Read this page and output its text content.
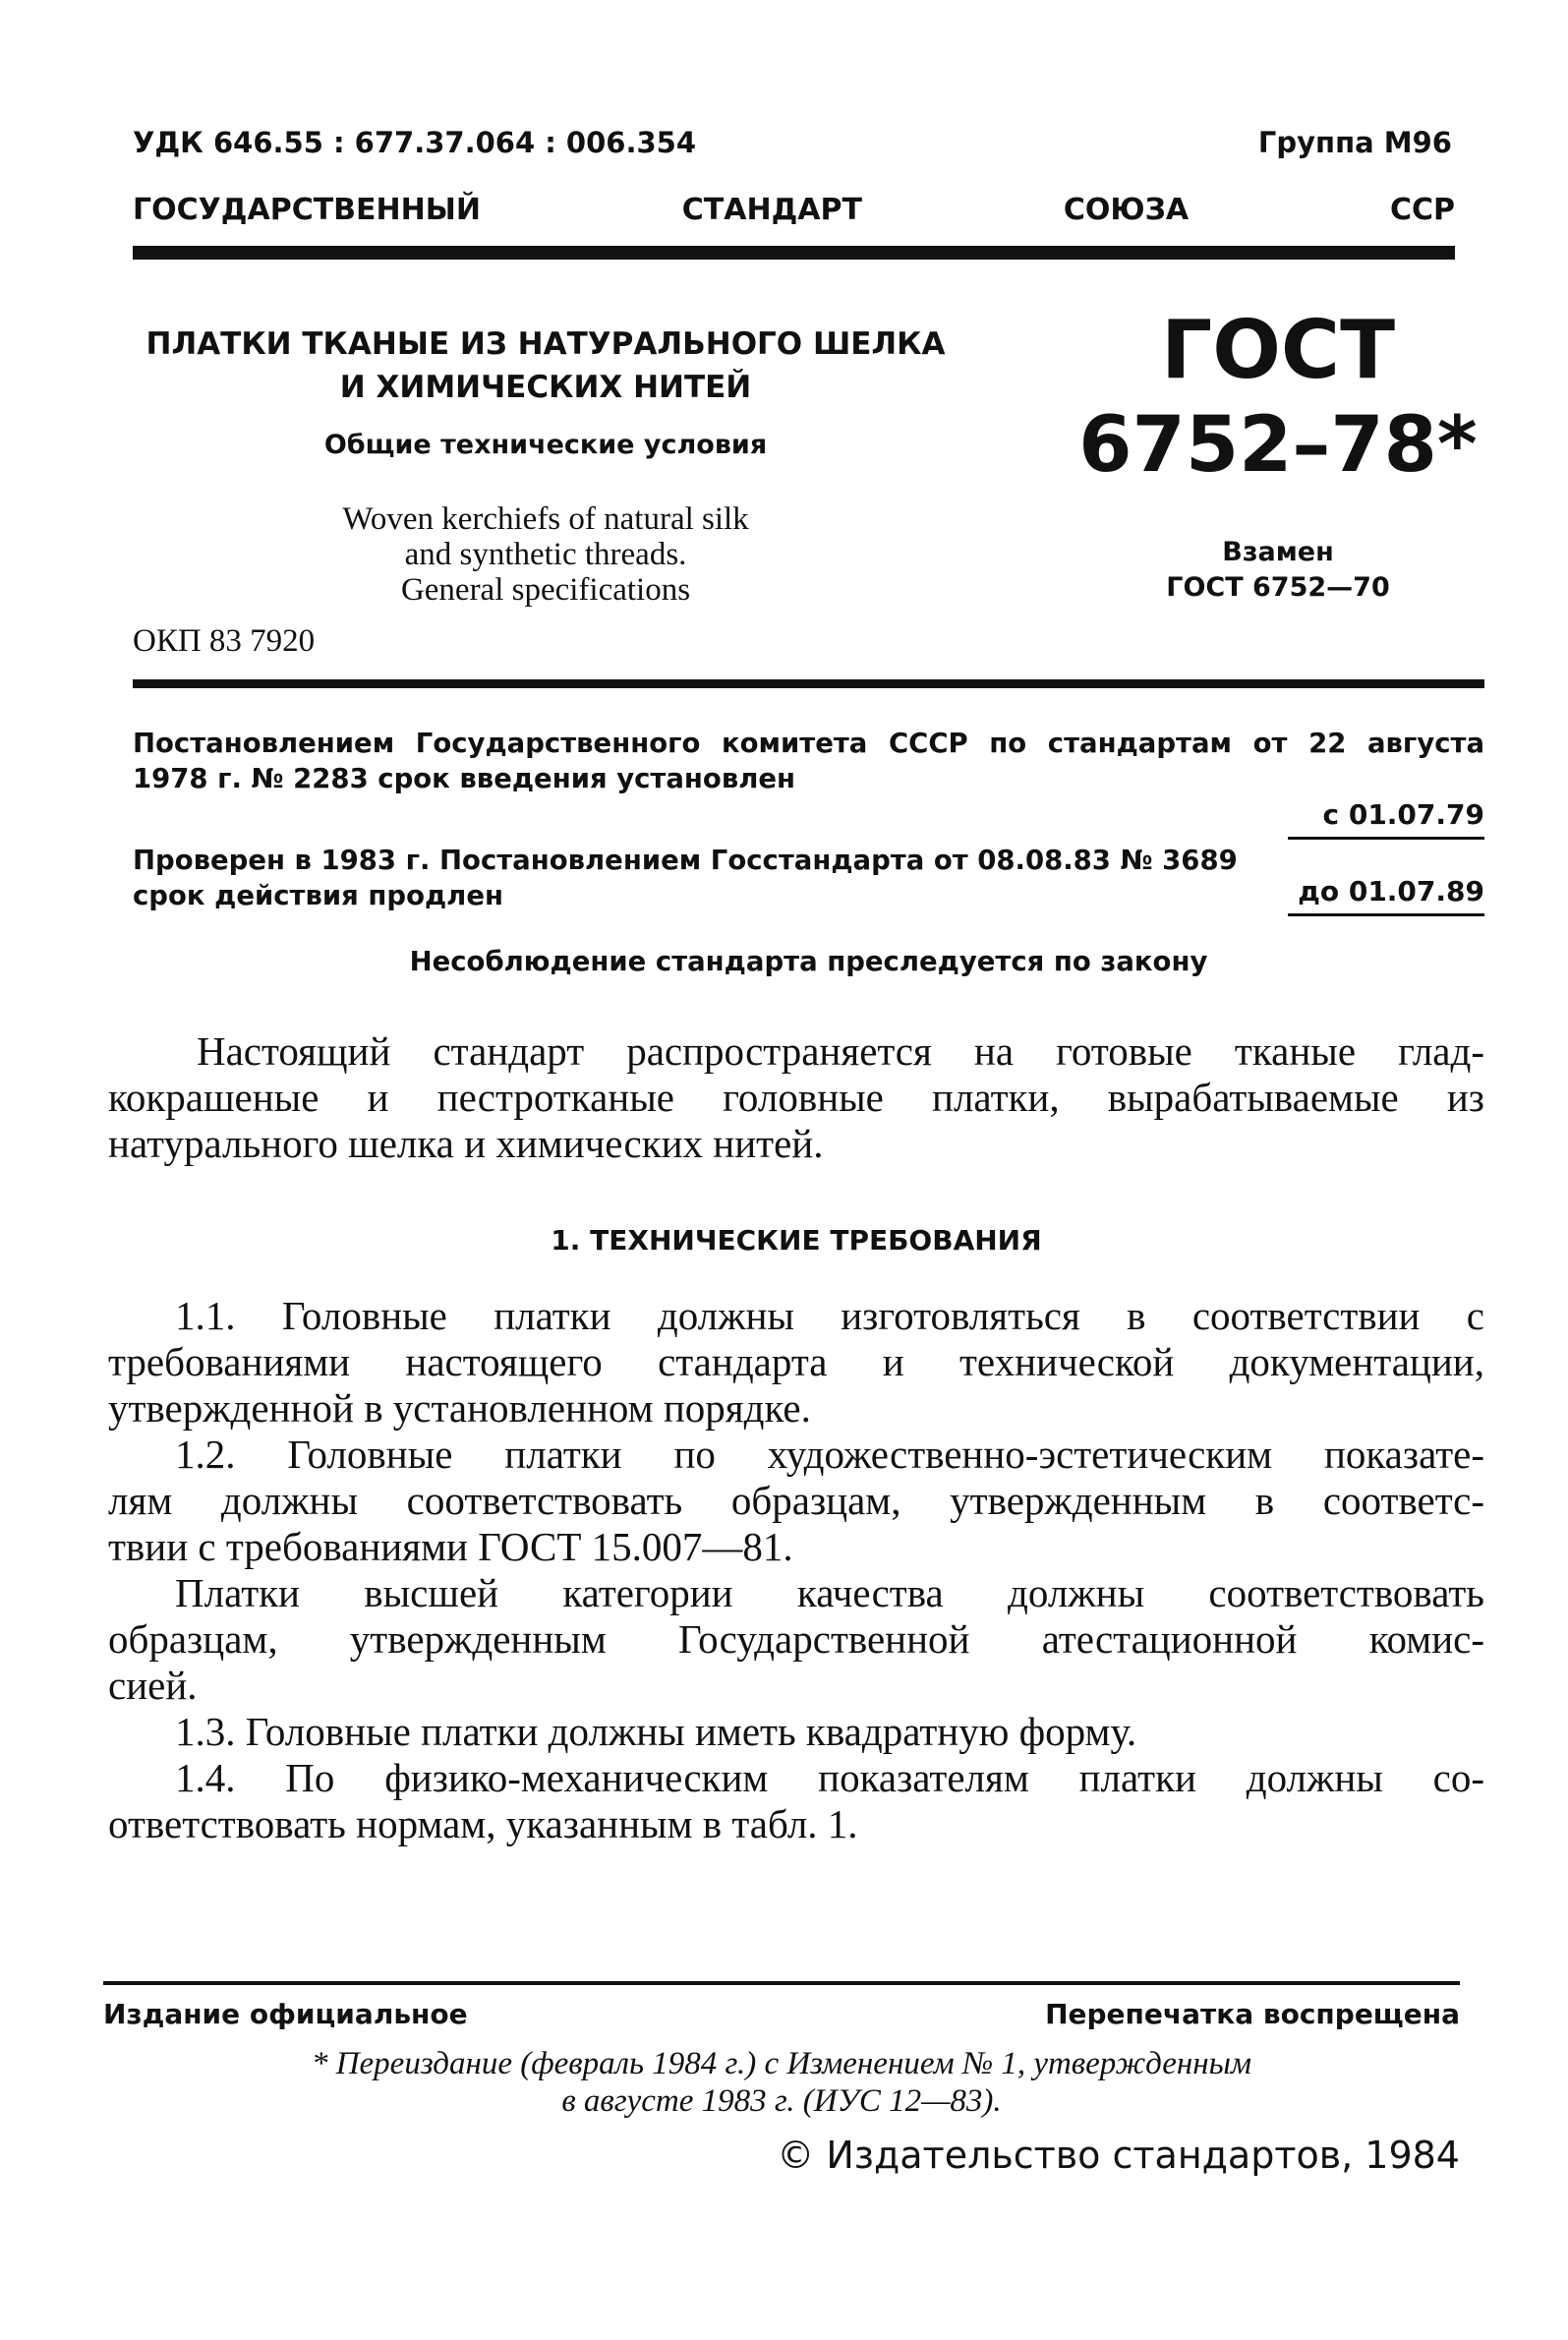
УДК 646.55 : 677.37.064 : 006.354	Группа М96
ГОСУДАРСТВЕННЫЙ	СТАНДАРТ	СОЮЗА	ССР
ПЛАТКИ ТКАНЫЕ ИЗ НАТУРАЛЬНОГО ШЕЛКА
И ХИМИЧЕСКИХ НИТЕЙ
Общие технические условия
Woven kerchiefs of natural silk
and synthetic threads.
General specifications
ГОСТ
6752–78*
Взамен
ГОСТ 6752—70
ОКП 83 7920
Постановлением Государственного комитета СССР по стандартам от 22 августа
1978 г. № 2283 срок введения установлен
с 01.07.79
Проверен в 1983 г. Постановлением Госстандарта от 08.08.83 № 3689
срок действия продлен	до 01.07.89
Несоблюдение стандарта преследуется по закону
Настоящий стандарт распространяется на готовые тканые глад-
кокрашеные и пестротканые головные платки, вырабатываемые из
натурального шелка и химических нитей.
1. ТЕХНИЧЕСКИЕ ТРЕБОВАНИЯ
1.1. Головные платки должны изготовляться в соответствии с
требованиями настоящего стандарта и технической документации,
утвержденной в установленном порядке.
1.2. Головные платки по художественно-эстетическим показате-
лям должны соответствовать образцам, утвержденным в соответс-
твии с требованиями ГОСТ 15.007—81.
Платки высшей категории качества должны соответствовать
образцам, утвержденным Государственной атестационной комис-
сией.
1.3. Головные платки должны иметь квадратную форму.
1.4. По физико-механическим показателям платки должны со-
ответствовать нормам, указанным в табл. 1.
Издание официальное	Перепечатка воспрещена
* Переиздание (февраль 1984 г.) с Изменением № 1, утвержденным
в августе 1983 г. (ИУС 12—83).
© Издательство стандартов, 1984
